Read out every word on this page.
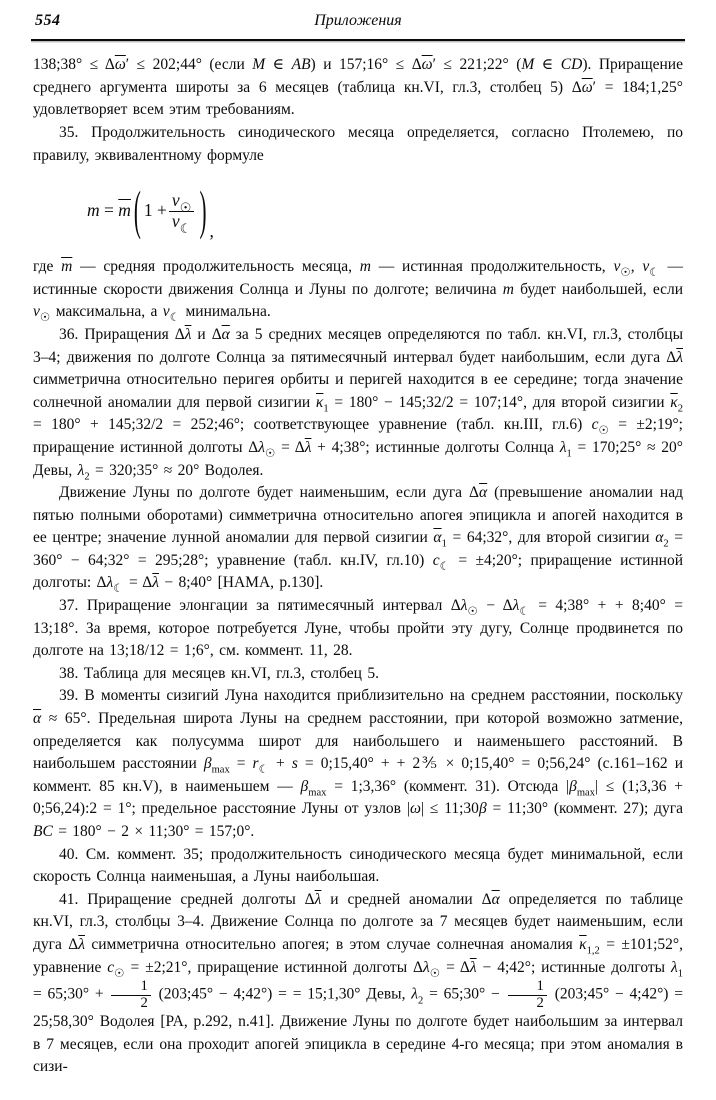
554	Приложения

138;38° ≤ $\Delta\overline{\omega}'$ ≤ 202;44° (если M ∈ AB) и 157;16° ≤ $\Delta\overline{\omega}'$ ≤ 221;22° (M ∈ CD). Приращение среднего аргумента широты за 6 месяцев (таблица кн.VI, гл.3, столбец 5) $\Delta\overline{\omega}'$ = 184;1,25° удовлетворяет всем этим требованиям.

35. Продолжительность синодического месяца определяется, согласно Птолемею, по правилу, эквивалентному формуле

$m = \overline{m}$ ( $1 + \frac{v_☉}{v_☾}$ ) ,

где $\overline{m}$ — средняя продолжительность месяца, m — истинная продолжительность, $v_☉$, $v_☾$ — истинные скорости движения Солнца и Луны по долготе; величина m будет наибольшей, если $v_☉$ максимальна, а $v_☾$ минимальна.

36. Приращения $\Delta\overline{\lambda}$ и $\Delta\overline{\alpha}$ за 5 средних месяцев определяются по табл. кн.VI, гл.3, столбцы 3–4; движения по долготе Солнца за пятимесячный интервал будет наибольшим, если дуга $\Delta\overline{\lambda}$ симметрична относительно перигея орбиты и перигей находится в ее середине; тогда значение солнечной аномалии для первой сизигии $\overline{\kappa}_1 = 180^\circ$ − 145;32/2 = 107;14°, для второй сизигии $\overline{\kappa}_2 = 180^\circ$ + 145;32/2 = 252;46°; соответствующее уравнение (табл. кн.III, гл.6) $c_☉$ = ±2;19°; приращение истинной долготы $\Delta\lambda_☉ = \Delta\overline{\lambda}$ + 4;38°; истинные долготы Солнца $\lambda_1$ = 170;25° ≈ 20° Девы, $\lambda_2$ = 320;35° ≈ 20° Водолея.

Движение Луны по долготе будет наименьшим, если дуга $\Delta\overline{\alpha}$ (превышение аномалии над пятью полными оборотами) симметрична относительно апогея эпицикла и апогей находится в ее центре; значение лунной аномалии для первой сизигии $\overline{\alpha}_1$ = 64;32°, для второй сизигии $\alpha_2 = 360^\circ$ − 64;32° = 295;28°; уравнение (табл. кн.IV, гл.10) $c_☾$ = ±4;20°; приращение истинной долготы: $\Delta\lambda_☾ = \Delta\overline{\lambda}$ − 8;40° [HAMA, p.130].

37. Приращение элонгации за пятимесячный интервал $\Delta\lambda_☉ - \Delta\lambda_☾$ = 4;38° + + 8;40° = 13;18°. За время, которое потребуется Луне, чтобы пройти эту дугу, Солнце продвинется по долготе на 13;18/12 = 1;6°, см. коммент. 11, 28.

38. Таблица для месяцев кн.VI, гл.3, столбец 5.

39. В моменты сизигий Луна находится приблизительно на среднем расстоянии, поскольку $\overline{\alpha} \approx 65^\circ$. Предельная широта Луны на среднем расстоянии, при которой возможно затмение, определяется как полусумма широт для наибольшего и наименьшего расстояний. В наибольшем расстоянии $\beta_{max} = r_☾ + s$ = 0;15,40° + + 2⅗ × 0;15,40° = 0;56,24° (с.161–162 и коммент. 85 кн.V), в наименьшем — $\beta_{max}$ = 1;3,36° (коммент. 31). Отсюда $|\beta_{max}|$ ≤ (1;3,36 + 0;56,24):2 = 1°; предельное расстояние Луны от узлов |ω| ≤ 11;30β = 11;30° (коммент. 27); дуга BC = 180° − 2 × 11;30° = 157;0°.

40. См. коммент. 35; продолжительность синодического месяца будет минимальной, если скорость Солнца наименьшая, а Луны наибольшая.

41. Приращение средней долготы $\Delta\overline{\lambda}$ и средней аномалии $\Delta\overline{\alpha}$ определяется по таблице кн.VI, гл.3, столбцы 3–4. Движение Солнца по долготе за 7 месяцев будет наименьшим, если дуга $\Delta\overline{\lambda}$ симметрична относительно апогея; в этом случае солнечная аномалия $\overline{\kappa}_{1,2}$ = ±101;52°, уравнение $c_☉$ = ±2;21°, приращение истинной долготы $\Delta\lambda_☉ = \Delta\overline{\lambda}$ − 4;42°; истинные долготы $\lambda_1$ = 65;30° + $\frac{1}{2}$ (203;45° − 4;42°) = = 15;1,30° Девы, $\lambda_2$ = 65;30° − $\frac{1}{2}$ (203;45° − 4;42°) = 25;58,30° Водолея [PA, p.292, n.41]. Движение Луны по долготе будет наибольшим за интервал в 7 месяцев, если она проходит апогей эпицикла в середине 4-го месяца; при этом аномалия в сизи-
